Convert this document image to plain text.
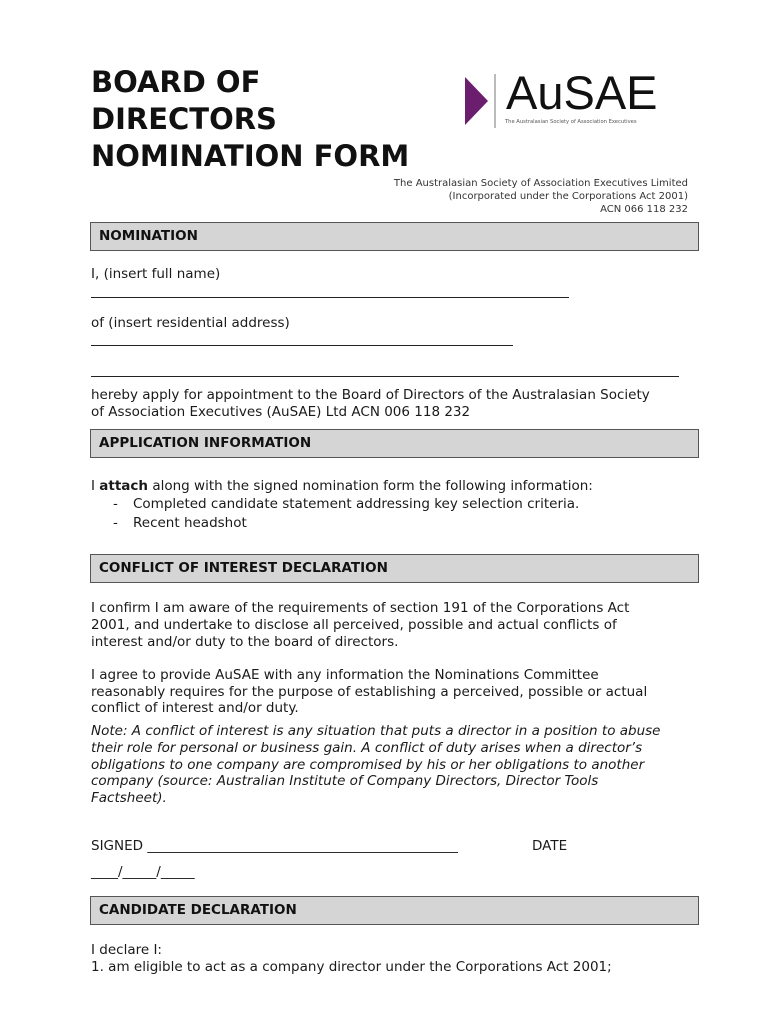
BOARD OF
DIRECTORS
NOMINATION FORM
AuSAE
The Australasian Society of Association Executives
The Australasian Society of Association Executives Limited
(Incorporated under the Corporations Act 2001)
ACN 066 118 232
NOMINATION
I, (insert full name)
of (insert residential address)
hereby apply for appointment to the Board of Directors of the Australasian Society
of Association Executives (AuSAE) Ltd ACN 006 118 232
APPLICATION INFORMATION
I attach along with the signed nomination form the following information:
- Completed candidate statement addressing key selection criteria.
- Recent headshot
CONFLICT OF INTEREST DECLARATION
I confirm I am aware of the requirements of section 191 of the Corporations Act
2001, and undertake to disclose all perceived, possible and actual conflicts of
interest and/or duty to the board of directors.
I agree to provide AuSAE with any information the Nominations Committee
reasonably requires for the purpose of establishing a perceived, possible or actual
conflict of interest and/or duty.
Note: A conflict of interest is any situation that puts a director in a position to abuse
their role for personal or business gain. A conflict of duty arises when a director’s
obligations to one company are compromised by his or her obligations to another
company (source: Australian Institute of Company Directors, Director Tools
Factsheet).
SIGNED ______________________________________________	DATE
____/_____/_____
CANDIDATE DECLARATION
I declare I:
1. am eligible to act as a company director under the Corporations Act 2001;
